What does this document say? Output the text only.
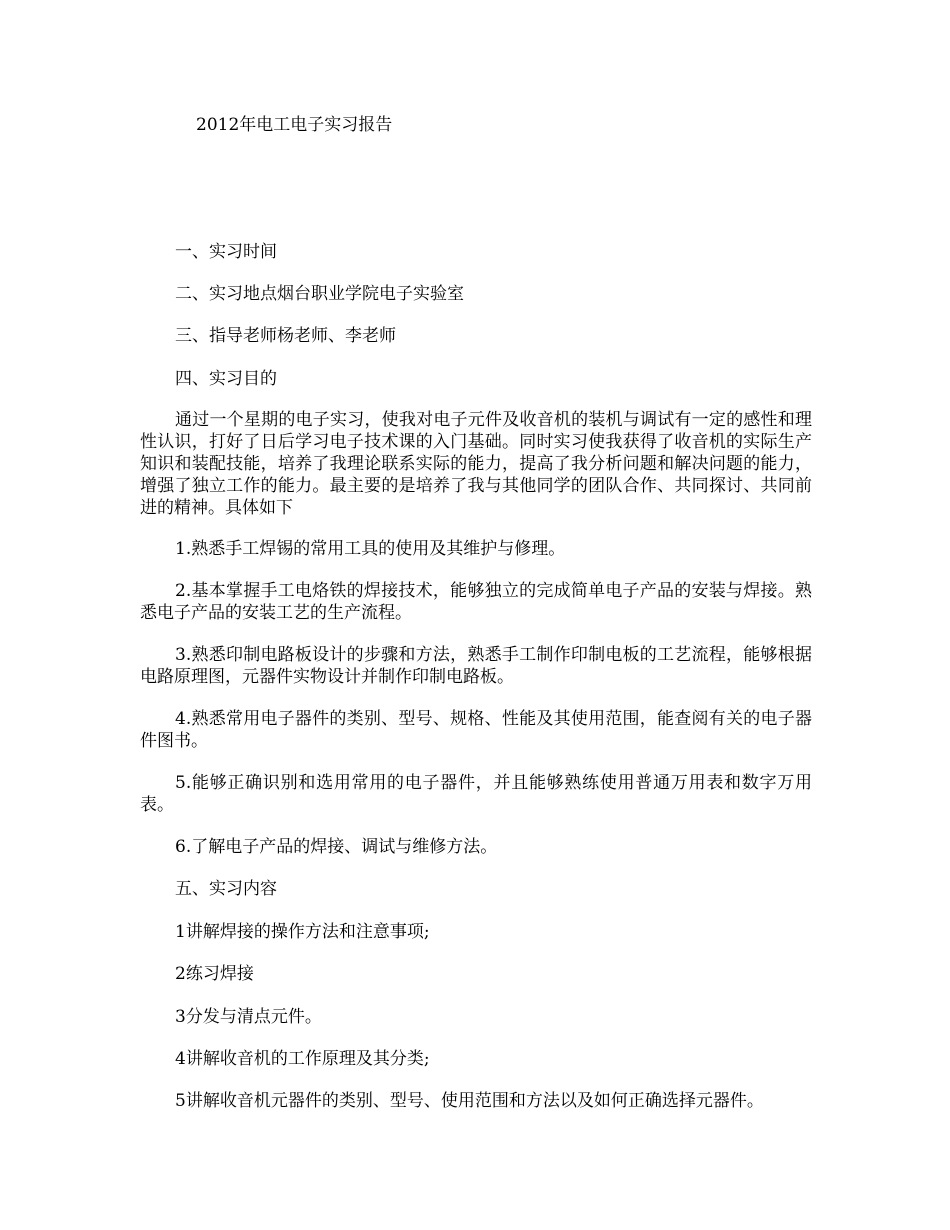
2012年电工电子实习报告

一、实习时间

二、实习地点烟台职业学院电子实验室

三、指导老师杨老师、李老师

四、实习目的

通过一个星期的电子实习，使我对电子元件及收音机的装机与调试有一定的感性和理性认识，打好了日后学习电子技术课的入门基础。同时实习使我获得了收音机的实际生产知识和装配技能，培养了我理论联系实际的能力，提高了我分析问题和解决问题的能力，增强了独立工作的能力。最主要的是培养了我与其他同学的团队合作、共同探讨、共同前进的精神。具体如下

1.熟悉手工焊锡的常用工具的使用及其维护与修理。

2.基本掌握手工电烙铁的焊接技术，能够独立的完成简单电子产品的安装与焊接。熟悉电子产品的安装工艺的生产流程。

3.熟悉印制电路板设计的步骤和方法，熟悉手工制作印制电板的工艺流程，能够根据电路原理图，元器件实物设计并制作印制电路板。

4.熟悉常用电子器件的类别、型号、规格、性能及其使用范围，能查阅有关的电子器件图书。

5.能够正确识别和选用常用的电子器件，并且能够熟练使用普通万用表和数字万用表。

6.了解电子产品的焊接、调试与维修方法。

五、实习内容

1讲解焊接的操作方法和注意事项;

2练习焊接

3分发与清点元件。

4讲解收音机的工作原理及其分类;

5讲解收音机元器件的类别、型号、使用范围和方法以及如何正确选择元器件。
